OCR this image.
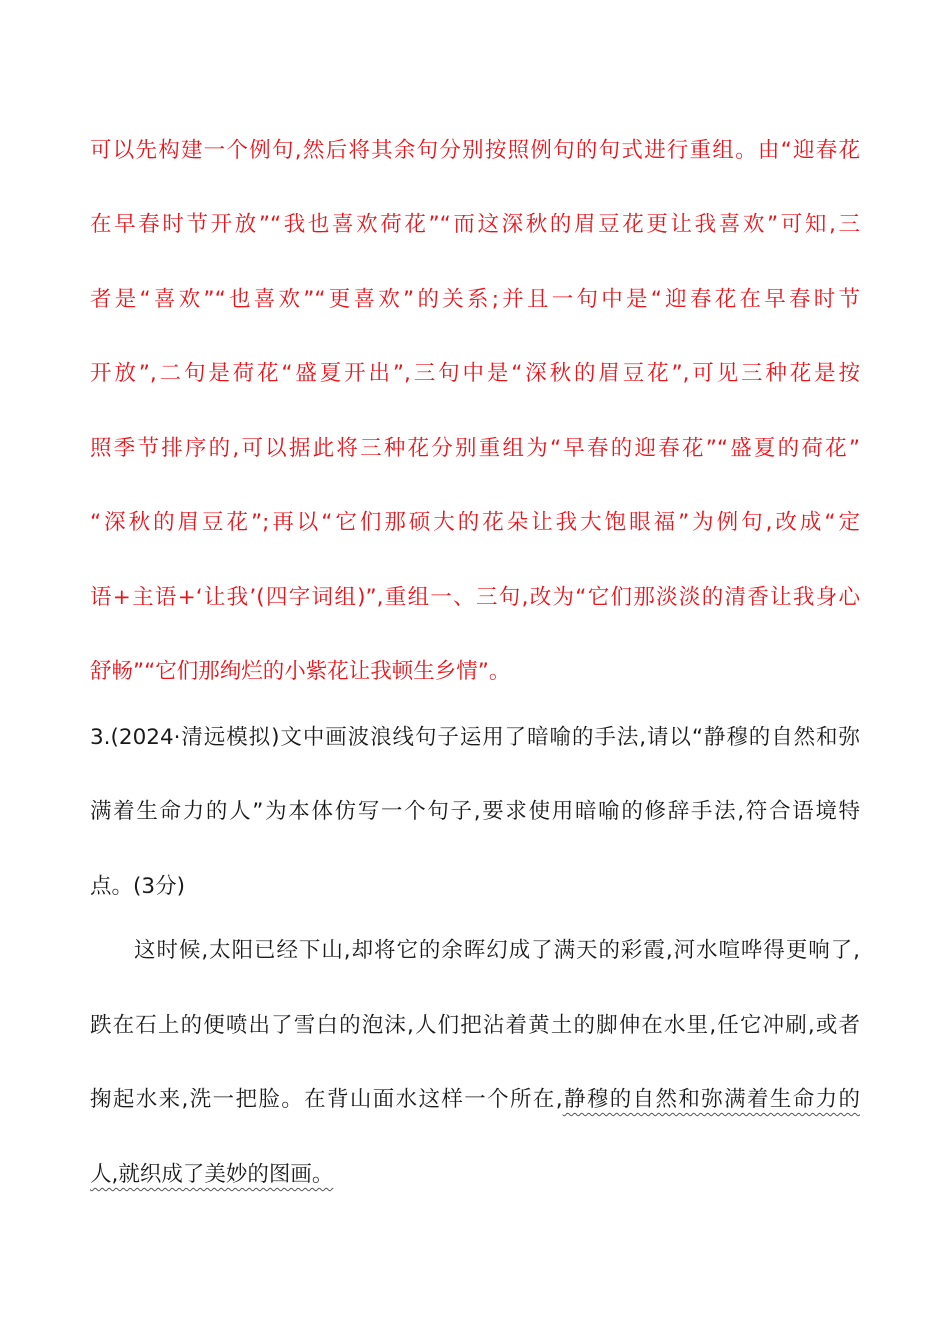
可以先构建一个例句,然后将其余句分别按照例句的句式进行重组。由“迎春花
在早春时节开放”“我也喜欢荷花”“而这深秋的眉豆花更让我喜欢”可知,三
者是“喜欢”“也喜欢”“更喜欢”的关系;并且一句中是“迎春花在早春时节
开放”,二句是荷花“盛夏开出”,三句中是“深秋的眉豆花”,可见三种花是按
照季节排序的,可以据此将三种花分别重组为“早春的迎春花”“盛夏的荷花”
“深秋的眉豆花”;再以“它们那硕大的花朵让我大饱眼福”为例句,改成“定
语+主语+‘让我’(四字词组)”,重组一、三句,改为“它们那淡淡的清香让我身心
舒畅”“它们那绚烂的小紫花让我顿生乡情”。
3.(2024·清远模拟)文中画波浪线句子运用了暗喻的手法,请以“静穆的自然和弥
满着生命力的人”为本体仿写一个句子,要求使用暗喻的修辞手法,符合语境特
点。(3分)
这时候,太阳已经下山,却将它的余晖幻成了满天的彩霞,河水喧哗得更响了,
跌在石上的便喷出了雪白的泡沫,人们把沾着黄土的脚伸在水里,任它冲刷,或者
掬起水来,洗一把脸。在背山面水这样一个所在,静穆的自然和弥满着生命力的
人,就织成了美妙的图画。
